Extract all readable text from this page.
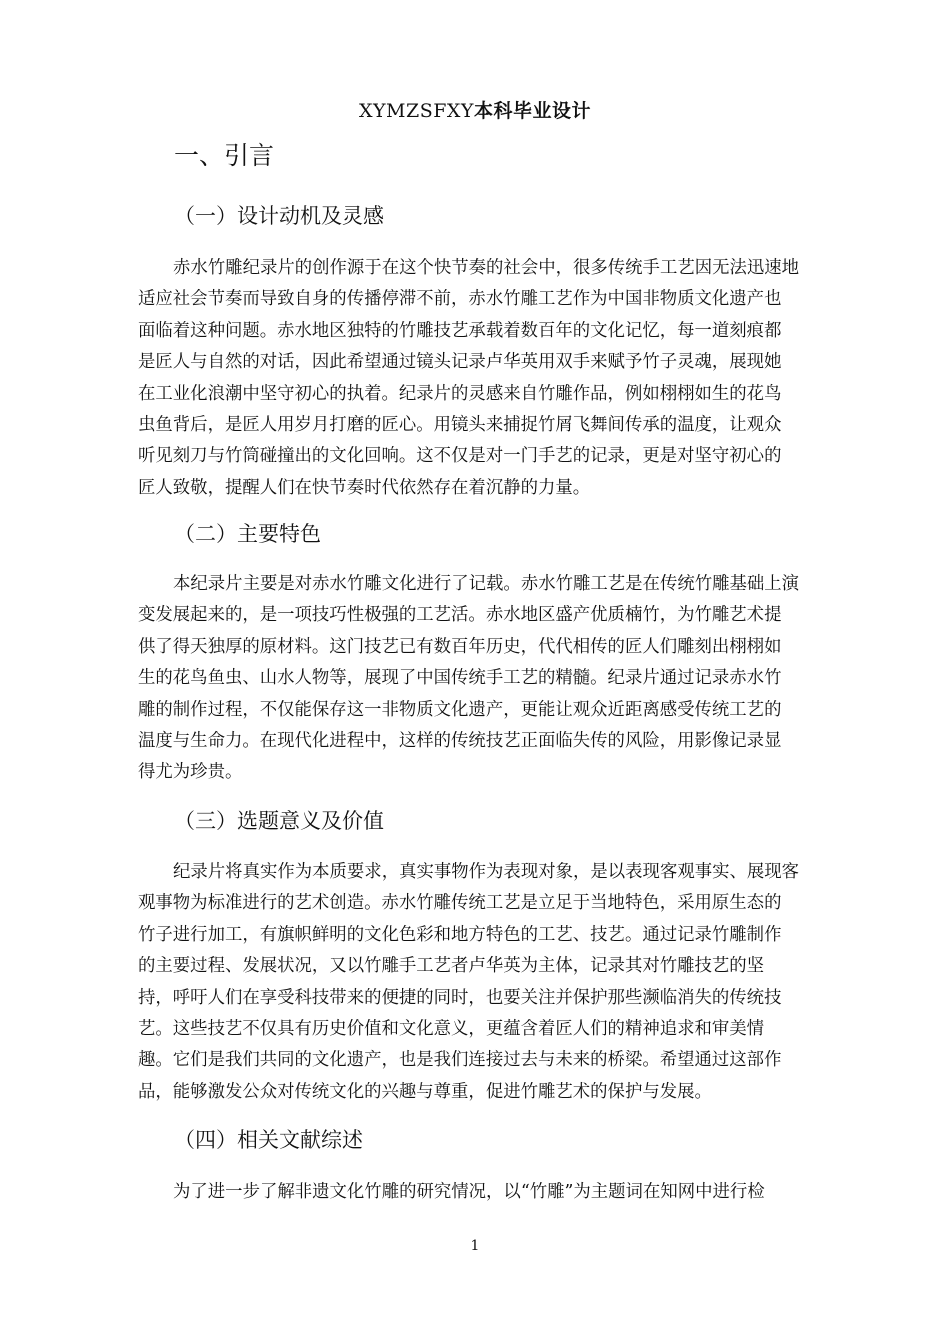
XYMZSFXY本科毕业设计
一、引言
（一）设计动机及灵感
赤水竹雕纪录片的创作源于在这个快节奏的社会中，很多传统手工艺因无法迅速地
适应社会节奏而导致自身的传播停滞不前，赤水竹雕工艺作为中国非物质文化遗产也
面临着这种问题。赤水地区独特的竹雕技艺承载着数百年的文化记忆，每一道刻痕都
是匠人与自然的对话，因此希望通过镜头记录卢华英用双手来赋予竹子灵魂，展现她
在工业化浪潮中坚守初心的执着。纪录片的灵感来自竹雕作品，例如栩栩如生的花鸟
虫鱼背后，是匠人用岁月打磨的匠心。用镜头来捕捉竹屑飞舞间传承的温度，让观众
听见刻刀与竹筒碰撞出的文化回响。这不仅是对一门手艺的记录，更是对坚守初心的
匠人致敬，提醒人们在快节奏时代依然存在着沉静的力量。
（二）主要特色
本纪录片主要是对赤水竹雕文化进行了记载。赤水竹雕工艺是在传统竹雕基础上演
变发展起来的，是一项技巧性极强的工艺活。赤水地区盛产优质楠竹，为竹雕艺术提
供了得天独厚的原材料。这门技艺已有数百年历史，代代相传的匠人们雕刻出栩栩如
生的花鸟鱼虫、山水人物等，展现了中国传统手工艺的精髓。纪录片通过记录赤水竹
雕的制作过程，不仅能保存这一非物质文化遗产，更能让观众近距离感受传统工艺的
温度与生命力。在现代化进程中，这样的传统技艺正面临失传的风险，用影像记录显
得尤为珍贵。
（三）选题意义及价值
纪录片将真实作为本质要求，真实事物作为表现对象，是以表现客观事实、展现客
观事物为标准进行的艺术创造。赤水竹雕传统工艺是立足于当地特色，采用原生态的
竹子进行加工，有旗帜鲜明的文化色彩和地方特色的工艺、技艺。通过记录竹雕制作
的主要过程、发展状况，又以竹雕手工艺者卢华英为主体，记录其对竹雕技艺的坚
持，呼吁人们在享受科技带来的便捷的同时，也要关注并保护那些濒临消失的传统技
艺。这些技艺不仅具有历史价值和文化意义，更蕴含着匠人们的精神追求和审美情
趣。它们是我们共同的文化遗产，也是我们连接过去与未来的桥梁。希望通过这部作
品，能够激发公众对传统文化的兴趣与尊重，促进竹雕艺术的保护与发展。
（四）相关文献综述
为了进一步了解非遗文化竹雕的研究情况，以“竹雕”为主题词在知网中进行检
1
